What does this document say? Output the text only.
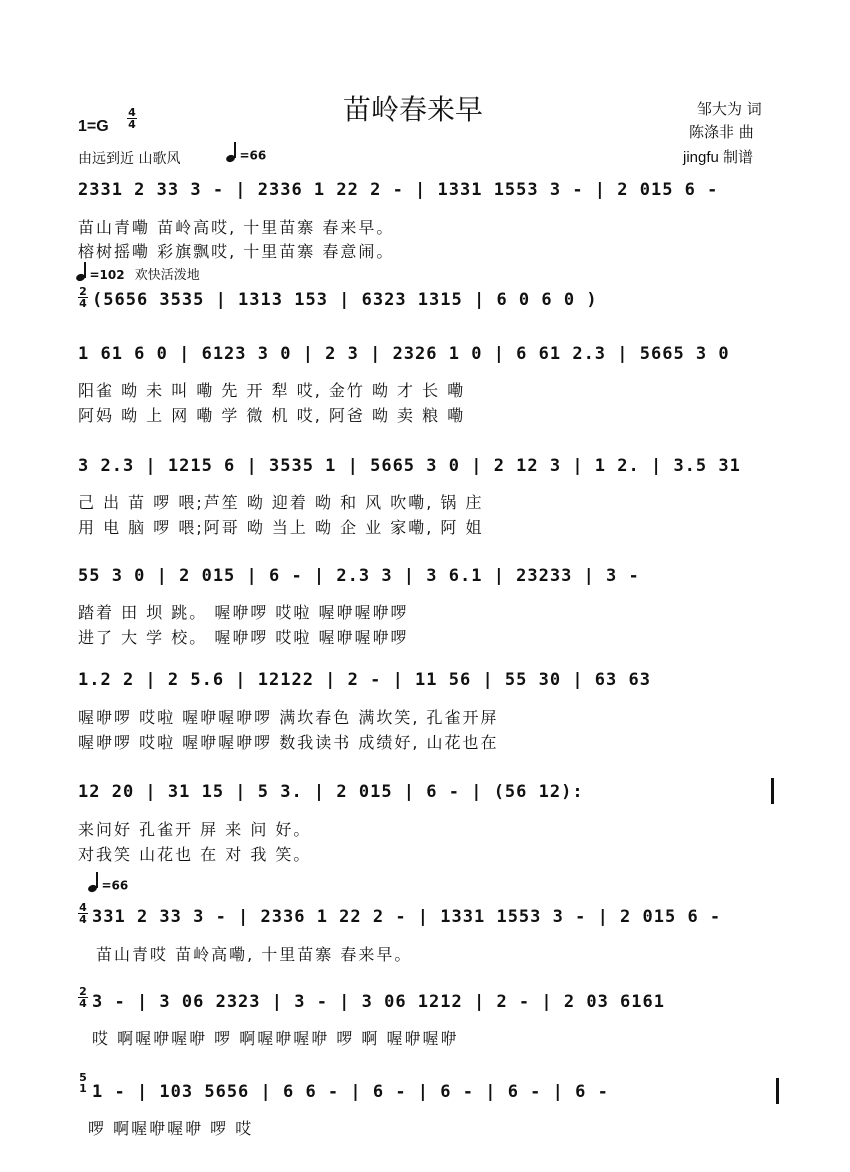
苗岭春来早	邹大为 词
陈涤非 曲
jingfu 制谱
$1=G \frac{4}{4}$
由远到近 山歌风	=66
2331 2 33 3 - | 2336 1 22 2 - | 1331 1553 3 - | 2 015 6 -
苗山青嘞 苗岭高哎, 十里苗寨 春来早。
榕树摇嘞 彩旗飘哎, 十里苗寨 春意闹。
=102 欢快活泼地
2
4 (5656 3535 | 1313 153 | 6323 1315 | 6 0 6 0 )
1 61 6 0 | 6123 3 0 | 2 3 | 2326 1 0 | 6 61 2.3 | 5665 3 0
阳雀 呦 未 叫 嘞 先 开 犁 哎, 金竹 呦 才 长 嘞
阿妈 呦 上 网 嘞 学 微 机 哎, 阿爸 呦 卖 粮 嘞
3 2.3 | 1215 6 | 3535 1 | 5665 3 0 | 2 12 3 | 1 2. | 3.5 31
己 出 苗 啰 喂;芦笙 呦 迎着 呦 和 风 吹嘞, 锅 庄
用 电 脑 啰 喂;阿哥 呦 当上 呦 企 业 家嘞, 阿 姐
55 3 0 | 2 015 | 6 - | 2.3 3 | 3 6.1 | 23233 | 3 -
踏着 田 坝 跳。 喔咿啰 哎啦 喔咿喔咿啰
进了 大 学 校。 喔咿啰 哎啦 喔咿喔咿啰
1.2 2 | 2 5.6 | 12122 | 2 - | 11 56 | 55 30 | 63 63
喔咿啰 哎啦 喔咿喔咿啰 满坎春色 满坎笑, 孔雀开屏
喔咿啰 哎啦 喔咿喔咿啰 数我读书 成绩好, 山花也在
12 20 | 31 15 | 5 3. | 2 015 | 6 - | (56 12):
来问好 孔雀开 屏 来 问 好。
对我笑 山花也 在 对 我 笑。
=66
4
4 331 2 33 3 - | 2336 1 22 2 - | 1331 1553 3 - | 2 015 6 -
苗山青哎 苗岭高嘞, 十里苗寨 春来早。
2
4 3 - | 3 06 2323 | 3 - | 3 06 1212 | 2 - | 2 03 6161
哎 啊喔咿喔咿 啰 啊喔咿喔咿 啰 啊 喔咿喔咿
5
1 1 - | 103 5656 | 6 6 - | 6 - | 6 - | 6 - | 6 -
啰 啊喔咿喔咿 啰 哎
